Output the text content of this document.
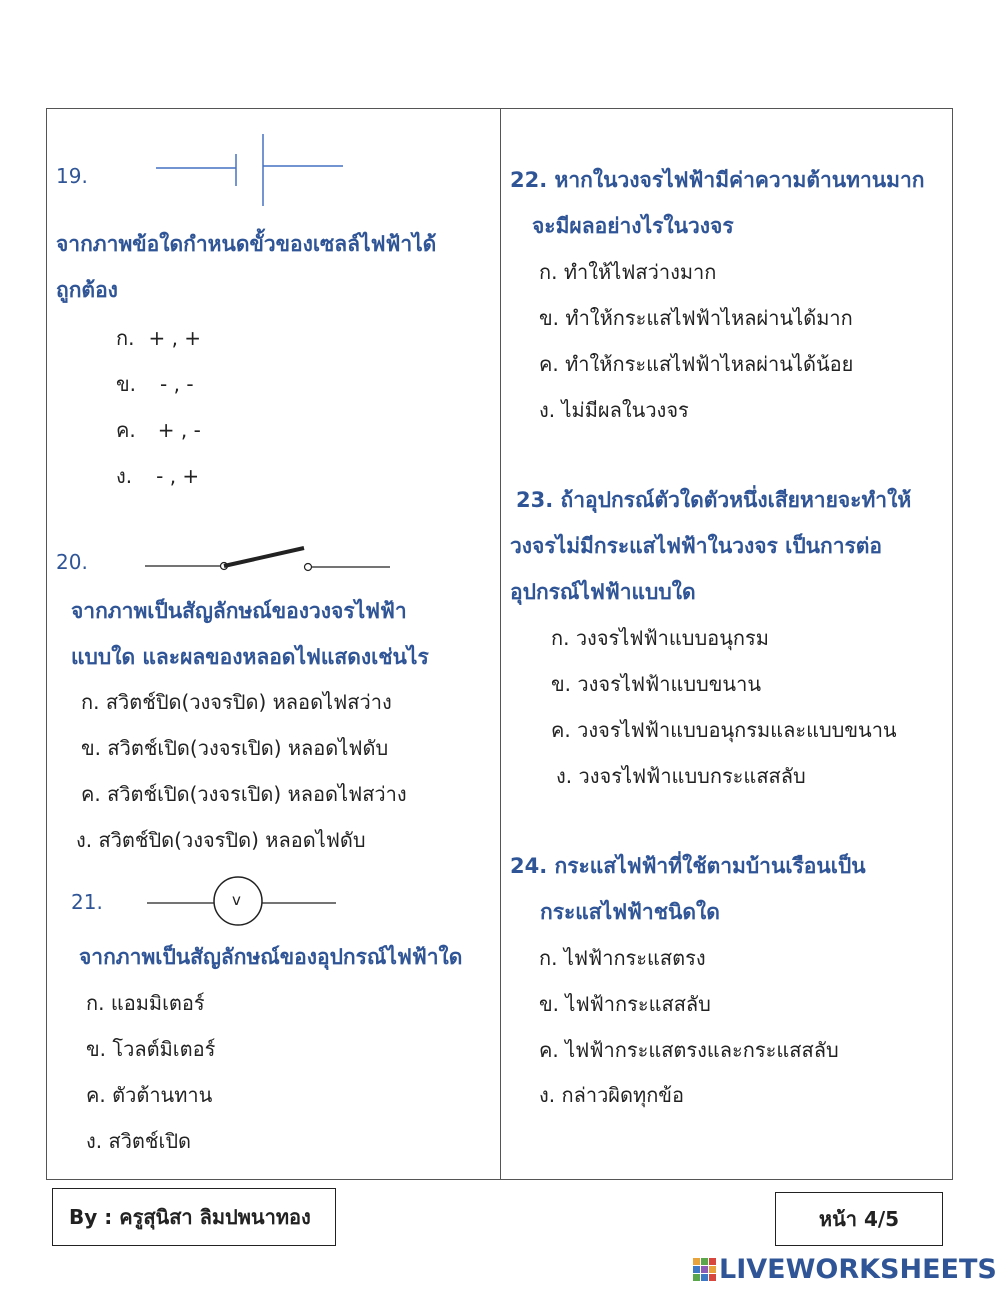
19.
จากภาพข้อใดกำหนดขั้วของเซลล์ไฟฟ้าได้
ถูกต้อง
ก. + , +
ข. - , -
ค. + , -
ง. - , +
20.
จากภาพเป็นสัญลักษณ์ของวงจรไฟฟ้า
แบบใด และผลของหลอดไฟแสดงเช่นไร
ก. สวิตช์ปิด(วงจรปิด) หลอดไฟสว่าง
ข. สวิตช์เปิด(วงจรเปิด) หลอดไฟดับ
ค. สวิตช์เปิด(วงจรเปิด) หลอดไฟสว่าง
ง. สวิตช์ปิด(วงจรปิด) หลอดไฟดับ
21.	v
จากภาพเป็นสัญลักษณ์ของอุปกรณ์ไฟฟ้าใด
ก. แอมมิเตอร์
ข. โวลต์มิเตอร์
ค. ตัวต้านทาน
ง. สวิตช์เปิด
22. หากในวงจรไฟฟ้ามีค่าความต้านทานมาก
จะมีผลอย่างไรในวงจร
ก. ทำให้ไฟสว่างมาก
ข. ทำให้กระแสไฟฟ้าไหลผ่านได้มาก
ค. ทำให้กระแสไฟฟ้าไหลผ่านได้น้อย
ง. ไม่มีผลในวงจร
23. ถ้าอุปกรณ์ตัวใดตัวหนึ่งเสียหายจะทำให้
วงจรไม่มีกระแสไฟฟ้าในวงจร เป็นการต่อ
อุปกรณ์ไฟฟ้าแบบใด
ก. วงจรไฟฟ้าแบบอนุกรม
ข. วงจรไฟฟ้าแบบขนาน
ค. วงจรไฟฟ้าแบบอนุกรมและแบบขนาน
ง. วงจรไฟฟ้าแบบกระแสสลับ
24. กระแสไฟฟ้าที่ใช้ตามบ้านเรือนเป็น
กระแสไฟฟ้าชนิดใด
ก. ไฟฟ้ากระแสตรง
ข. ไฟฟ้ากระแสสลับ
ค. ไฟฟ้ากระแสตรงและกระแสสลับ
ง. กล่าวผิดทุกข้อ
By : ครูสุนิสา ลิมปพนาทอง	หน้า 4/5
LIVEWORKSHEETS
